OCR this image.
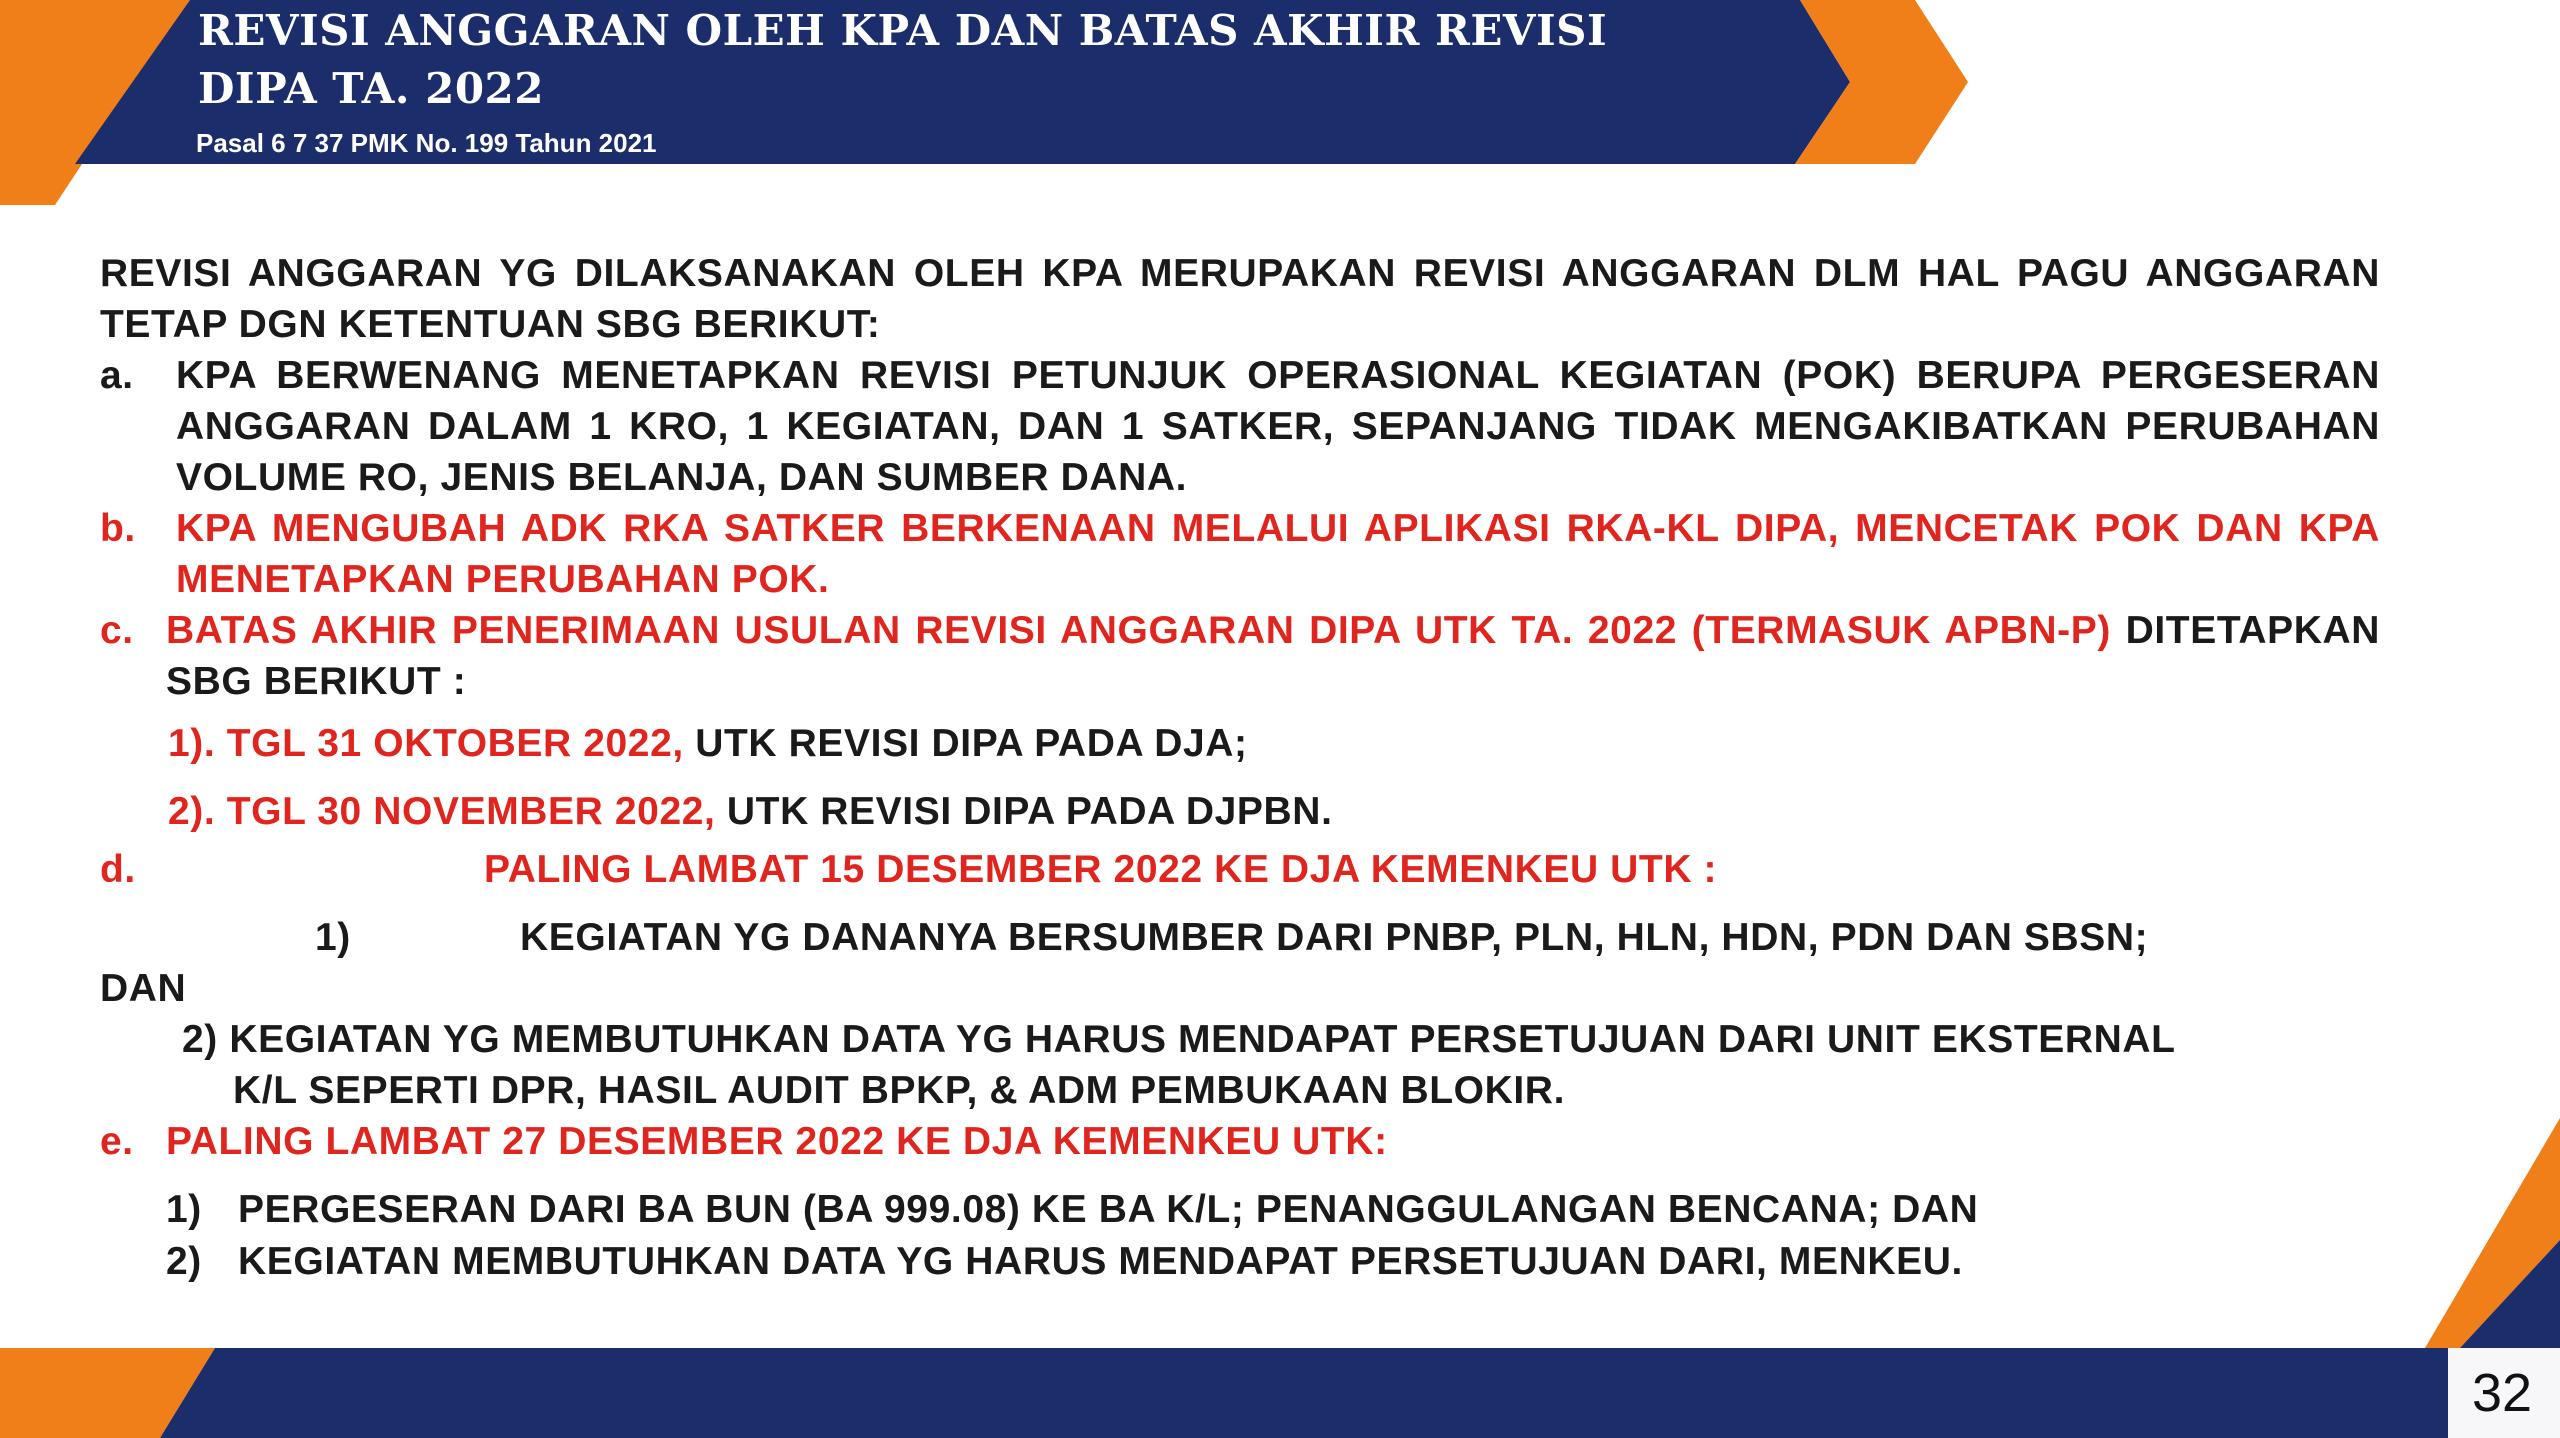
REVISI ANGGARAN OLEH KPA DAN BATAS AKHIR REVISI
DIPA TA. 2022
Pasal 6 7 37 PMK No. 199 Tahun 2021
REVISI ANGGARAN YG DILAKSANAKAN OLEH KPA MERUPAKAN REVISI ANGGARAN DLM HAL PAGU ANGGARAN TETAP DGN KETENTUAN SBG BERIKUT:
a. KPA BERWENANG MENETAPKAN REVISI PETUNJUK OPERASIONAL KEGIATAN (POK) BERUPA PERGESERAN ANGGARAN DALAM 1 KRO, 1 KEGIATAN, DAN 1 SATKER, SEPANJANG TIDAK MENGAKIBATKAN PERUBAHAN VOLUME RO, JENIS BELANJA, DAN SUMBER DANA.
b. KPA MENGUBAH ADK RKA SATKER BERKENAAN MELALUI APLIKASI RKA-KL DIPA, MENCETAK POK DAN KPA MENETAPKAN PERUBAHAN POK.
c. BATAS AKHIR PENERIMAAN USULAN REVISI ANGGARAN DIPA UTK TA. 2022 (TERMASUK APBN-P) DITETAPKAN SBG BERIKUT :
1). TGL 31 OKTOBER 2022, UTK REVISI DIPA PADA DJA;
2). TGL 30 NOVEMBER 2022, UTK REVISI DIPA PADA DJPBN.
d.	PALING LAMBAT 15 DESEMBER 2022 KE DJA KEMENKEU UTK :
1)	KEGIATAN YG DANANYA BERSUMBER DARI PNBP, PLN, HLN, HDN, PDN DAN SBSN;
DAN
2) KEGIATAN YG MEMBUTUHKAN DATA YG HARUS MENDAPAT PERSETUJUAN DARI UNIT EKSTERNAL
K/L SEPERTI DPR, HASIL AUDIT BPKP, & ADM PEMBUKAAN BLOKIR.
e. PALING LAMBAT 27 DESEMBER 2022 KE DJA KEMENKEU UTK:
1) PERGESERAN DARI BA BUN (BA 999.08) KE BA K/L; PENANGGULANGAN BENCANA; DAN
2) KEGIATAN MEMBUTUHKAN DATA YG HARUS MENDAPAT PERSETUJUAN DARI, MENKEU.
32
